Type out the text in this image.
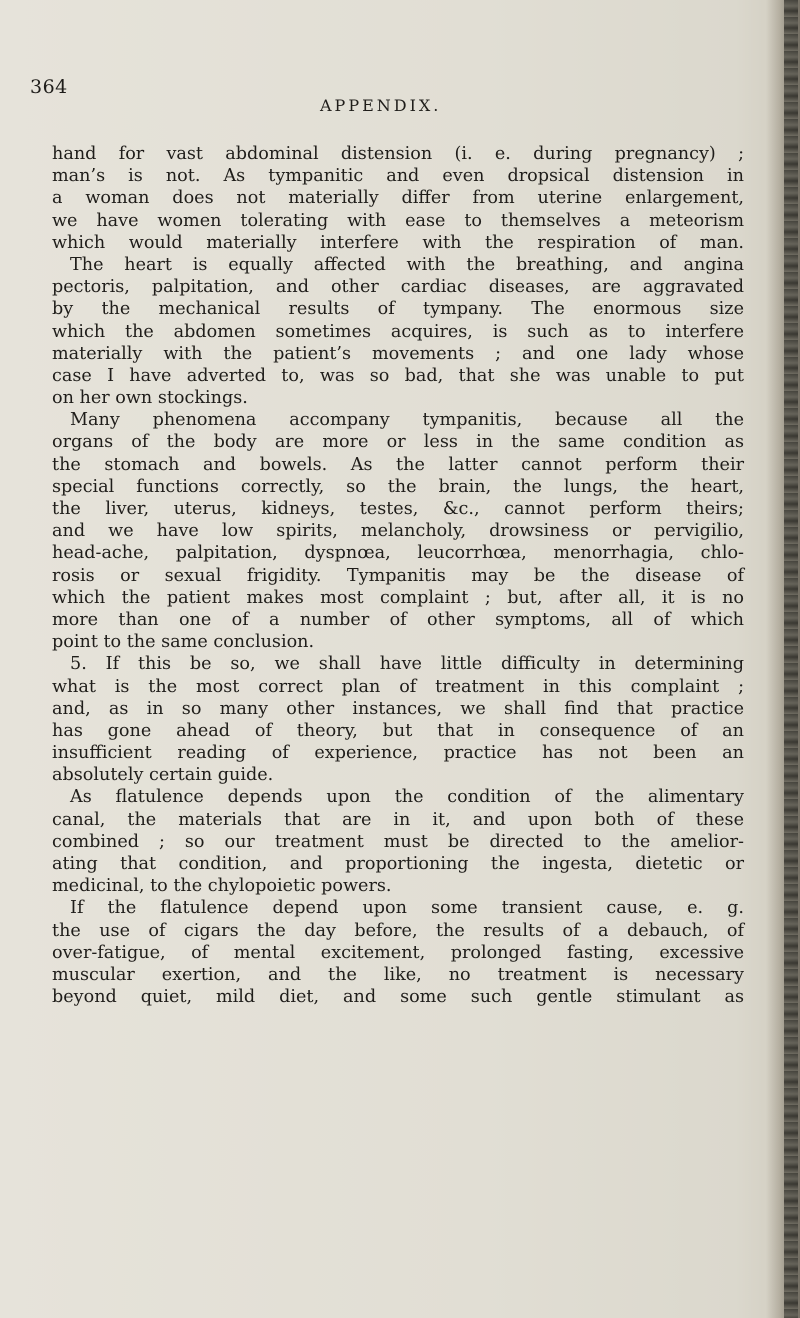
364
APPENDIX.
hand for vast abdominal distension (i. e. during pregnancy) ;
man’s is not. As tympanitic and even dropsical distension in
a woman does not materially differ from uterine enlargement,
we have women tolerating with ease to themselves a meteorism
which would materially interfere with the respiration of man.
The heart is equally affected with the breathing, and angina
pectoris, palpitation, and other cardiac diseases, are aggravated
by the mechanical results of tympany. The enormous size
which the abdomen sometimes acquires, is such as to interfere
materially with the patient’s movements ; and one lady whose
case I have adverted to, was so bad, that she was unable to put
on her own stockings.
Many phenomena accompany tympanitis, because all the
organs of the body are more or less in the same condition as
the stomach and bowels. As the latter cannot perform their
special functions correctly, so the brain, the lungs, the heart,
the liver, uterus, kidneys, testes, &c., cannot perform theirs;
and we have low spirits, melancholy, drowsiness or pervigilio,
head-ache, palpitation, dyspnœa, leucorrhœa, menorrhagia, chlo-
rosis or sexual frigidity. Tympanitis may be the disease of
which the patient makes most complaint ; but, after all, it is no
more than one of a number of other symptoms, all of which
point to the same conclusion.
5. If this be so, we shall have little difficulty in determining
what is the most correct plan of treatment in this complaint ;
and, as in so many other instances, we shall find that practice
has gone ahead of theory, but that in consequence of an
insufficient reading of experience, practice has not been an
absolutely certain guide.
As flatulence depends upon the condition of the alimentary
canal, the materials that are in it, and upon both of these
combined ; so our treatment must be directed to the amelior-
ating that condition, and proportioning the ingesta, dietetic or
medicinal, to the chylopoietic powers.
If the flatulence depend upon some transient cause, e. g.
the use of cigars the day before, the results of a debauch, of
over-fatigue, of mental excitement, prolonged fasting, excessive
muscular exertion, and the like, no treatment is necessary
beyond quiet, mild diet, and some such gentle stimulant as
